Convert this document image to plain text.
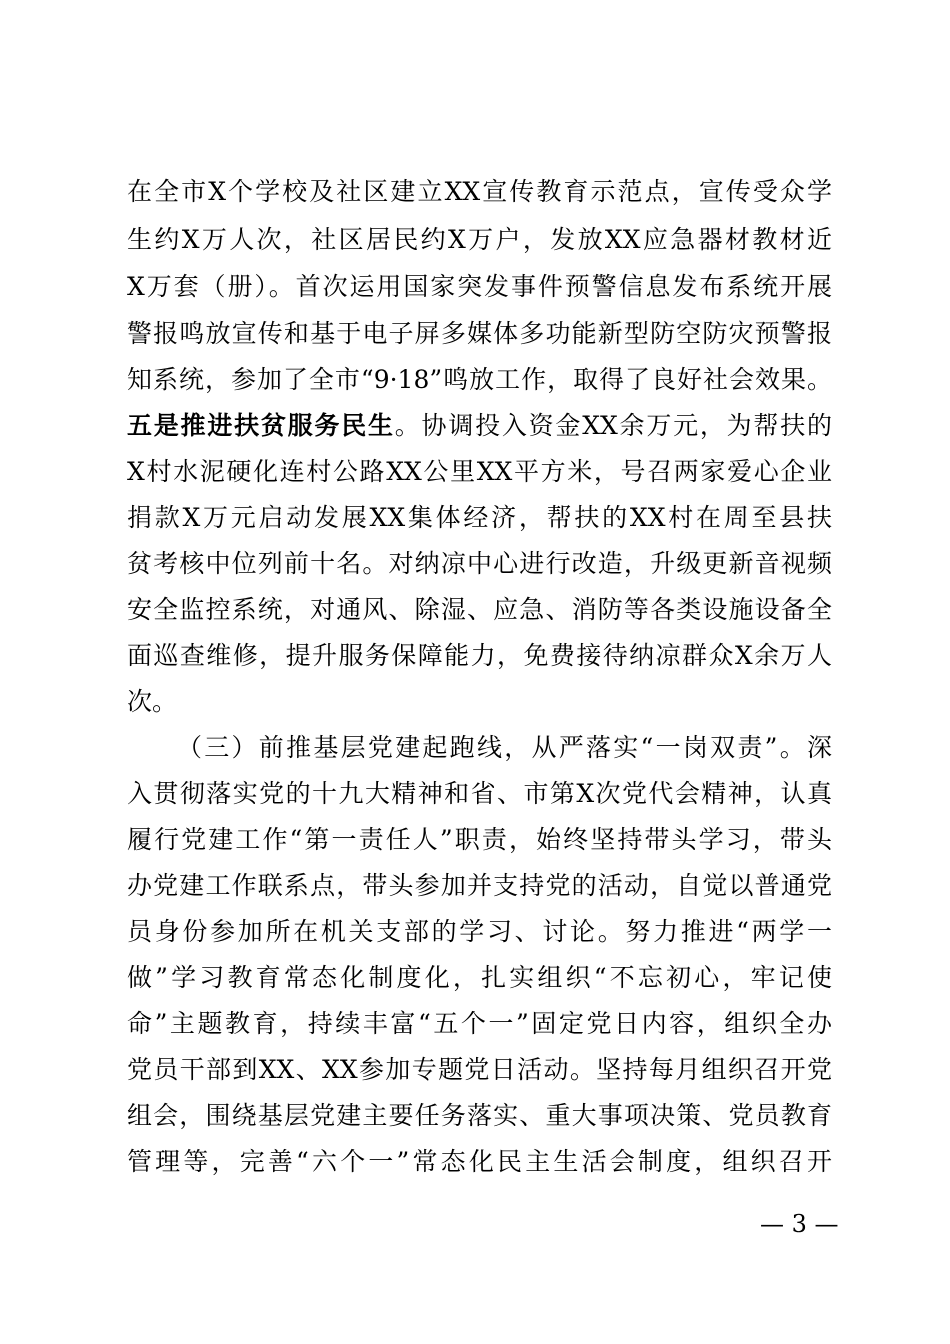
在全市X个学校及社区建立XX宣传教育示范点，宣传受众学
生约X万人次，社区居民约X万户，发放XX应急器材教材近
X万套（册）。首次运用国家突发事件预警信息发布系统开展
警报鸣放宣传和基于电子屏多媒体多功能新型防空防灾预警报
知系统，参加了全市“9·18”鸣放工作，取得了良好社会效果。
五是推进扶贫服务民生。协调投入资金XX余万元，为帮扶的
X村水泥硬化连村公路XX公里XX平方米，号召两家爱心企业
捐款X万元启动发展XX集体经济，帮扶的XX村在周至县扶
贫考核中位列前十名。对纳凉中心进行改造，升级更新音视频
安全监控系统，对通风、除湿、应急、消防等各类设施设备全
面巡查维修，提升服务保障能力，免费接待纳凉群众X余万人
次。
（三）前推基层党建起跑线，从严落实“一岗双责”。深
入贯彻落实党的十九大精神和省、市第X次党代会精神，认真
履行党建工作“第一责任人”职责，始终坚持带头学习，带头
办党建工作联系点，带头参加并支持党的活动，自觉以普通党
员身份参加所在机关支部的学习、讨论。努力推进“两学一
做”学习教育常态化制度化，扎实组织“不忘初心，牢记使
命”主题教育，持续丰富“五个一”固定党日内容，组织全办
党员干部到XX、XX参加专题党日活动。坚持每月组织召开党
组会，围绕基层党建主要任务落实、重大事项决策、党员教育
管理等，完善“六个一”常态化民主生活会制度，组织召开
— 3 —
